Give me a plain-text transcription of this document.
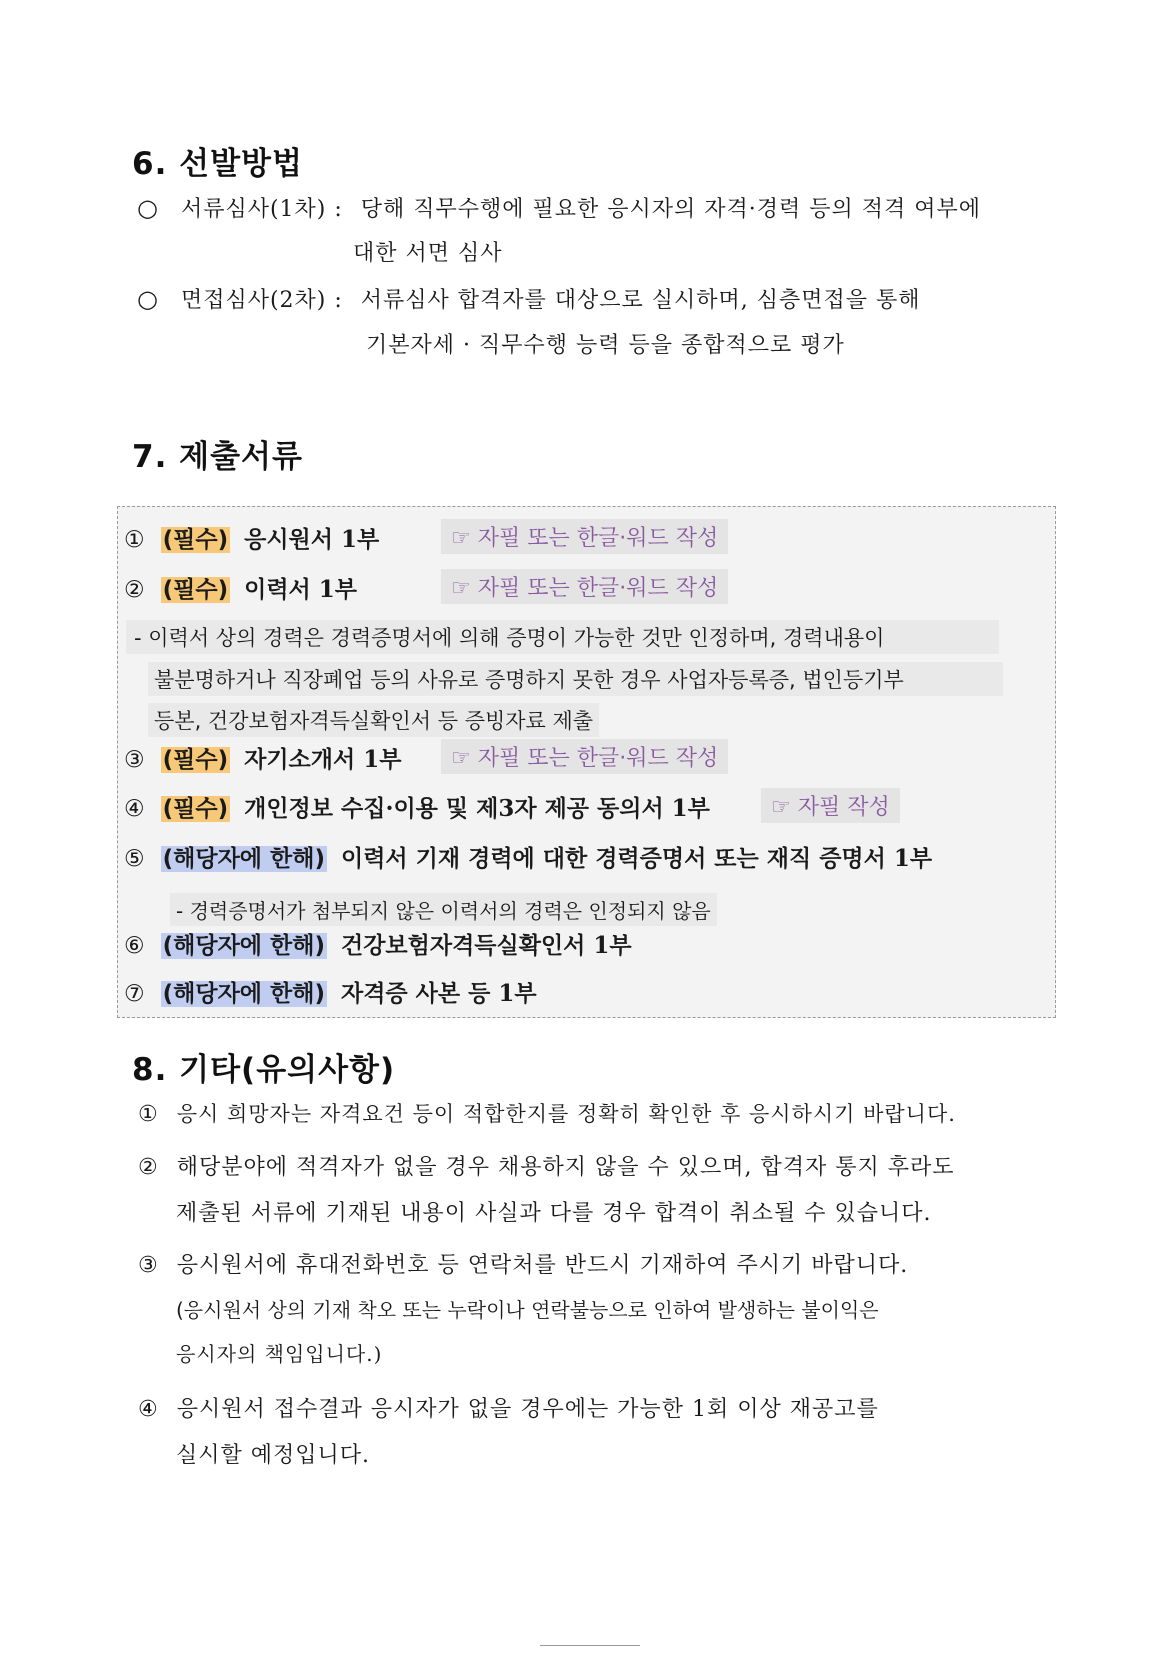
6. 선발방법
○ 서류심사(1차) : 당해 직무수행에 필요한 응시자의 자격·경력 등의 적격 여부에
대한 서면 심사
○ 면접심사(2차) : 서류심사 합격자를 대상으로 실시하며, 심층면접을 통해
기본자세 · 직무수행 능력 등을 종합적으로 평가
7. 제출서류
① (필수) 응시원서 1부	☞ 자필 또는 한글·워드 작성
② (필수) 이력서 1부	☞ 자필 또는 한글·워드 작성
- 이력서 상의 경력은 경력증명서에 의해 증명이 가능한 것만 인정하며, 경력내용이
불분명하거나 직장폐업 등의 사유로 증명하지 못한 경우 사업자등록증, 법인등기부
등본, 건강보험자격득실확인서 등 증빙자료 제출
③ (필수) 자기소개서 1부	☞ 자필 또는 한글·워드 작성
④ (필수) 개인정보 수집·이용 및 제3자 제공 동의서 1부	☞ 자필 작성
⑤ (해당자에 한해) 이력서 기재 경력에 대한 경력증명서 또는 재직 증명서 1부
- 경력증명서가 첨부되지 않은 이력서의 경력은 인정되지 않음
⑥ (해당자에 한해) 건강보험자격득실확인서 1부
⑦ (해당자에 한해) 자격증 사본 등 1부
8. 기타(유의사항)
① 응시 희망자는 자격요건 등이 적합한지를 정확히 확인한 후 응시하시기 바랍니다.
② 해당분야에 적격자가 없을 경우 채용하지 않을 수 있으며, 합격자 통지 후라도
제출된 서류에 기재된 내용이 사실과 다를 경우 합격이 취소될 수 있습니다.
③ 응시원서에 휴대전화번호 등 연락처를 반드시 기재하여 주시기 바랍니다.
(응시원서 상의 기재 착오 또는 누락이나 연락불능으로 인하여 발생하는 불이익은
응시자의 책임입니다.)
④ 응시원서 접수결과 응시자가 없을 경우에는 가능한 1회 이상 재공고를
실시할 예정입니다.
